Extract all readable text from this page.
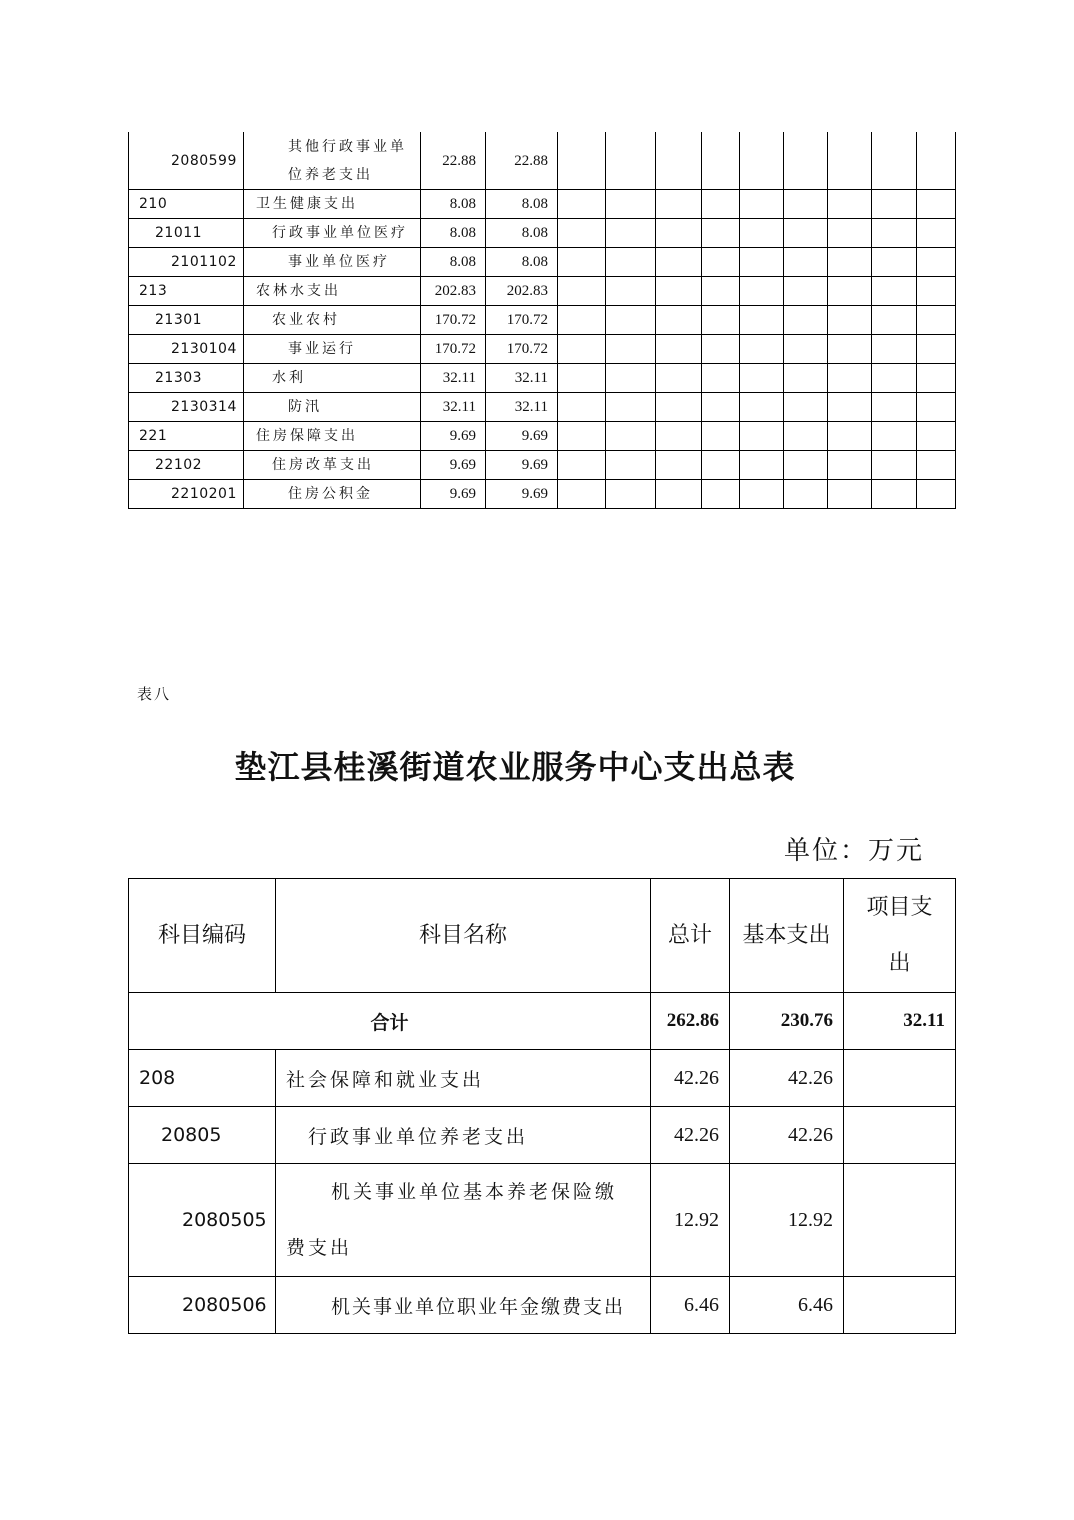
2080599	其他行政事业单位养老支出	22.88	22.88									
210	卫生健康支出	8.08	8.08									
21011	行政事业单位医疗	8.08	8.08									
2101102	事业单位医疗	8.08	8.08									
213	农林水支出	202.83	202.83									
21301	农业农村	170.72	170.72									
2130104	事业运行	170.72	170.72									
21303	水利	32.11	32.11									
2130314	防汛	32.11	32.11									
221	住房保障支出	9.69	9.69									
22102	住房改革支出	9.69	9.69									
2210201	住房公积金	9.69	9.69									
表八
垫江县桂溪街道农业服务中心支出总表
单位：万元
科目编码	科目名称	总计	基本支出	项目支出

合计		262.86	230.76	32.11
208	社会保障和就业支出	42.26	42.26	
20805	行政事业单位养老支出	42.26	42.26	
2080505	机关事业单位基本养老保险缴费支出	12.92	12.92	
2080506	机关事业单位职业年金缴费支出	6.46	6.46	
